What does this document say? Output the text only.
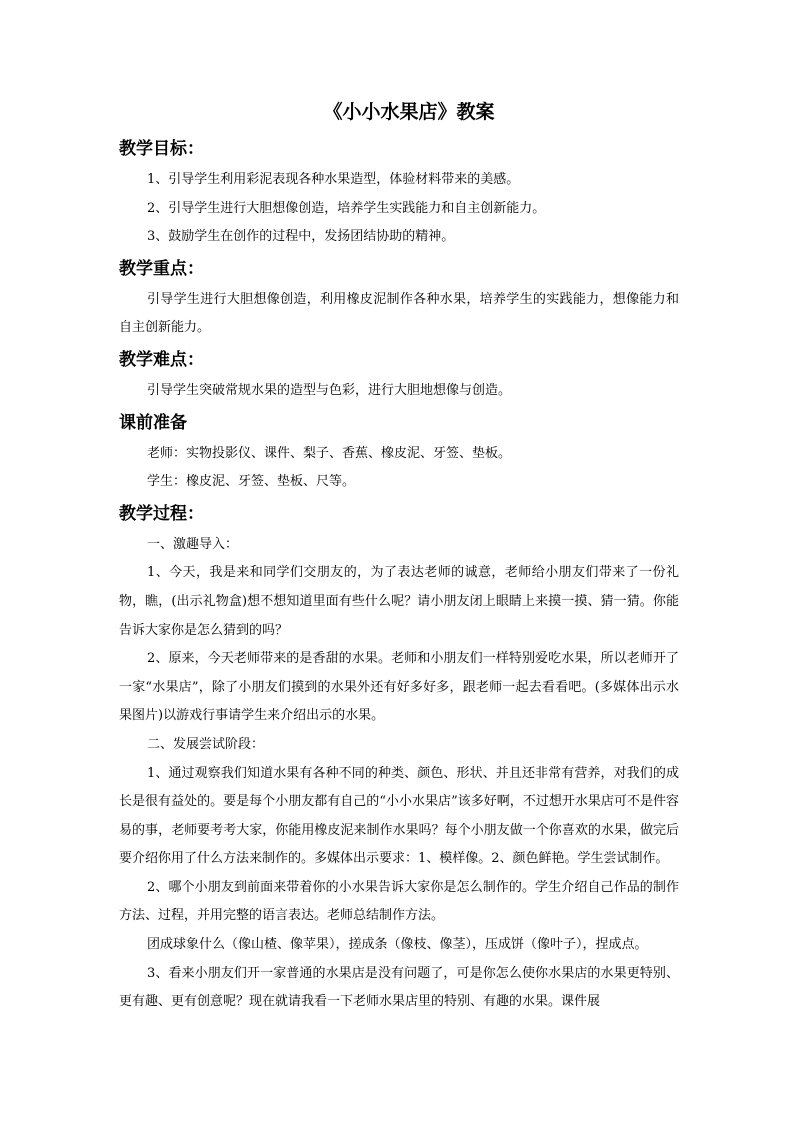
《小小水果店》教案
教学目标：

1、引导学生利用彩泥表现各种水果造型，体验材料带来的美感。

2、引导学生进行大胆想像创造，培养学生实践能力和自主创新能力。

3、鼓励学生在创作的过程中，发扬团结协助的精神。

教学重点：

引导学生进行大胆想像创造，利用橡皮泥制作各种水果，培养学生的实践能力，想像能力和自主创新能力。

教学难点：

引导学生突破常规水果的造型与色彩，进行大胆地想像与创造。

课前准备

老师：实物投影仪、课件、梨子、香蕉、橡皮泥、牙签、垫板。

学生：橡皮泥、牙签、垫板、尺等。

教学过程：

一、激趣导入：

1、今天，我是来和同学们交朋友的，为了表达老师的诚意，老师给小朋友们带来了一份礼物，瞧，(出示礼物盒)想不想知道里面有些什么呢？请小朋友闭上眼睛上来摸一摸、猜一猜。你能告诉大家你是怎么猜到的吗？

2、原来，今天老师带来的是香甜的水果。老师和小朋友们一样特别爱吃水果，所以老师开了一家“水果店”，除了小朋友们摸到的水果外还有好多好多，跟老师一起去看看吧。(多媒体出示水果图片)以游戏行事请学生来介绍出示的水果。

二、发展尝试阶段：

1、通过观察我们知道水果有各种不同的种类、颜色、形状、并且还非常有营养，对我们的成长是很有益处的。要是每个小朋友都有自己的“小小水果店”该多好啊，不过想开水果店可不是件容易的事，老师要考考大家，你能用橡皮泥来制作水果吗？每个小朋友做一个你喜欢的水果，做完后要介绍你用了什么方法来制作的。多媒体出示要求：1、模样像。2、颜色鲜艳。学生尝试制作。

2、哪个小朋友到前面来带着你的小水果告诉大家你是怎么制作的。学生介绍自己作品的制作方法、过程，并用完整的语言表达。老师总结制作方法。

团成球象什么（像山楂、像苹果），搓成条（像枝、像茎），压成饼（像叶子），捏成点。

3、看来小朋友们开一家普通的水果店是没有问题了，可是你怎么使你水果店的水果更特别、更有趣、更有创意呢？现在就请我看一下老师水果店里的特别、有趣的水果。课件展
